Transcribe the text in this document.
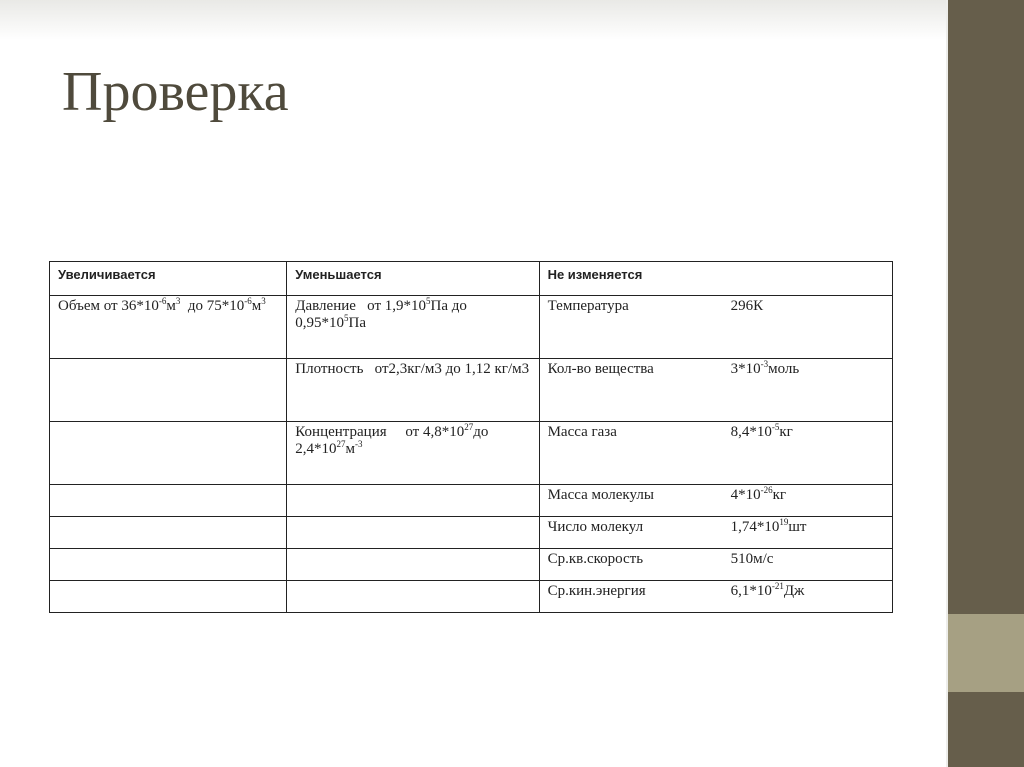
Проверка
Увеличивается	Уменьшается	Не изменяется
Объем от $36*10^{-6}м^3$  до $75*10^{-6}м^3$	Давление   от $1,9*10^5Па$ до $0,95*10^5Па$	Температура 296К
	Плотность   от2,3кг/м3 до 1,12 кг/м3	Кол-во вещества $3*10^{-3}моль$
	Концентрация     от $4,8*10^{27}до$ $2,4*10^{27}м^{-3}$	Масса газа $8,4*10^{-5}кг$
		Масса молекулы $4*10^{-26}кг$
		Число молекул $1,74*10^{19}шт$
		Ср.кв.скорость 510м/с
		Ср.кин.энергия $6,1*10^{-21}Дж$
